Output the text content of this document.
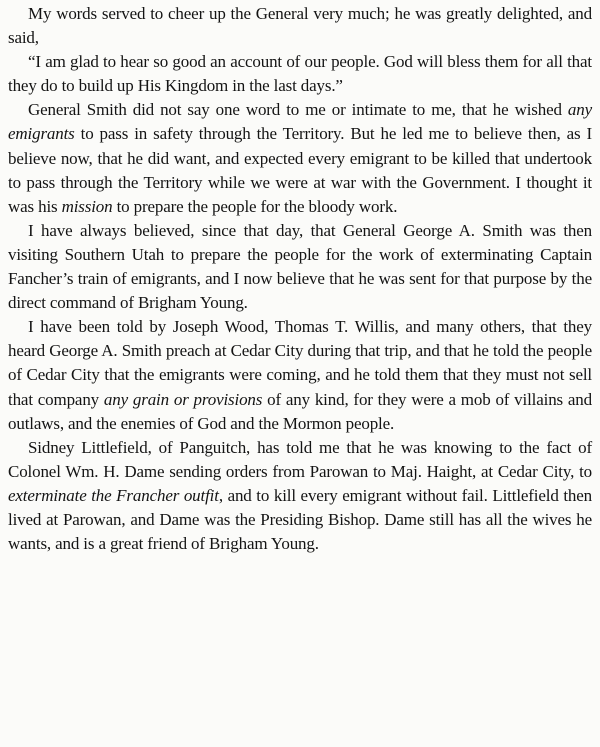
My words served to cheer up the General very much; he was greatly delighted, and said,

“I am glad to hear so good an account of our people. God will bless them for all that they do to build up His Kingdom in the last days.”

General Smith did not say one word to me or intimate to me, that he wished any emigrants to pass in safety through the Territory. But he led me to believe then, as I believe now, that he did want, and expected every emigrant to be killed that undertook to pass through the Territory while we were at war with the Government. I thought it was his mission to prepare the people for the bloody work.

I have always believed, since that day, that General George A. Smith was then visiting Southern Utah to prepare the people for the work of exterminating Captain Fancher’s train of emigrants, and I now believe that he was sent for that purpose by the direct command of Brigham Young.

I have been told by Joseph Wood, Thomas T. Willis, and many others, that they heard George A. Smith preach at Cedar City during that trip, and that he told the people of Cedar City that the emigrants were coming, and he told them that they must not sell that company any grain or provisions of any kind, for they were a mob of villains and outlaws, and the enemies of God and the Mormon people.

Sidney Littlefield, of Panguitch, has told me that he was knowing to the fact of Colonel Wm. H. Dame sending orders from Parowan to Maj. Haight, at Cedar City, to exterminate the Francher outfit, and to kill every emigrant without fail. Littlefield then lived at Parowan, and Dame was the Presiding Bishop. Dame still has all the wives he wants, and is a great friend of Brigham Young.
